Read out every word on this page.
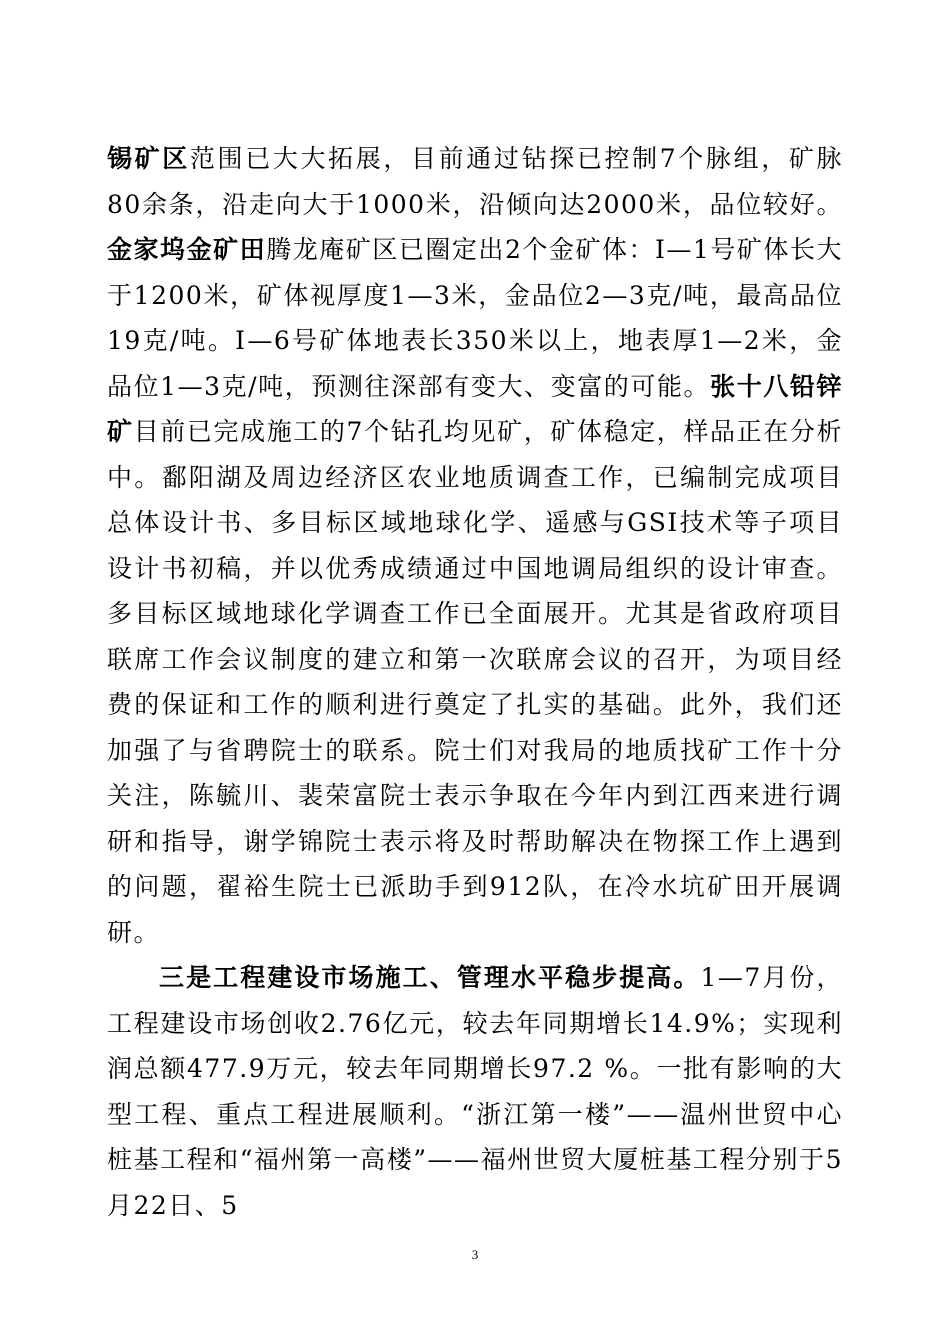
锡矿区范围已大大拓展，目前通过钻探已控制7个脉组，矿脉80余条，沿走向大于1000米，沿倾向达2000米，品位较好。金家坞金矿田腾龙庵矿区已圈定出2个金矿体：Ⅰ—1号矿体长大于1200米，矿体视厚度1—3米，金品位2—3克/吨，最高品位19克/吨。Ⅰ—6号矿体地表长350米以上，地表厚1—2米，金品位1—3克/吨，预测往深部有变大、变富的可能。张十八铅锌矿目前已完成施工的7个钻孔均见矿，矿体稳定，样品正在分析中。鄱阳湖及周边经济区农业地质调查工作，已编制完成项目总体设计书、多目标区域地球化学、遥感与GSI技术等子项目设计书初稿，并以优秀成绩通过中国地调局组织的设计审查。多目标区域地球化学调查工作已全面展开。尤其是省政府项目联席工作会议制度的建立和第一次联席会议的召开，为项目经费的保证和工作的顺利进行奠定了扎实的基础。此外，我们还加强了与省聘院士的联系。院士们对我局的地质找矿工作十分关注，陈毓川、裴荣富院士表示争取在今年内到江西来进行调研和指导，谢学锦院士表示将及时帮助解决在物探工作上遇到的问题，翟裕生院士已派助手到912队，在冷水坑矿田开展调研。

三是工程建设市场施工、管理水平稳步提高。1—7月份，工程建设市场创收2.76亿元，较去年同期增长14.9%；实现利润总额477.9万元，较去年同期增长97.2 %。一批有影响的大型工程、重点工程进展顺利。“浙江第一楼”——温州世贸中心桩基工程和“福州第一高楼”——福州世贸大厦桩基工程分别于5月22日、5

3
